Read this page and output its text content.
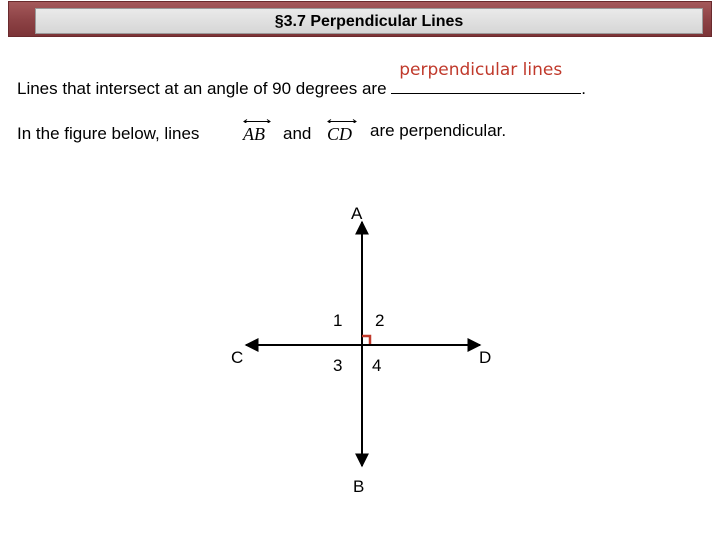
§3.7 Perpendicular Lines
Lines that intersect at an angle of 90 degrees are
perpendicular lines
.
In the figure below, lines AB and CD are perpendicular.
A
B
C	D
1 2
3 4
